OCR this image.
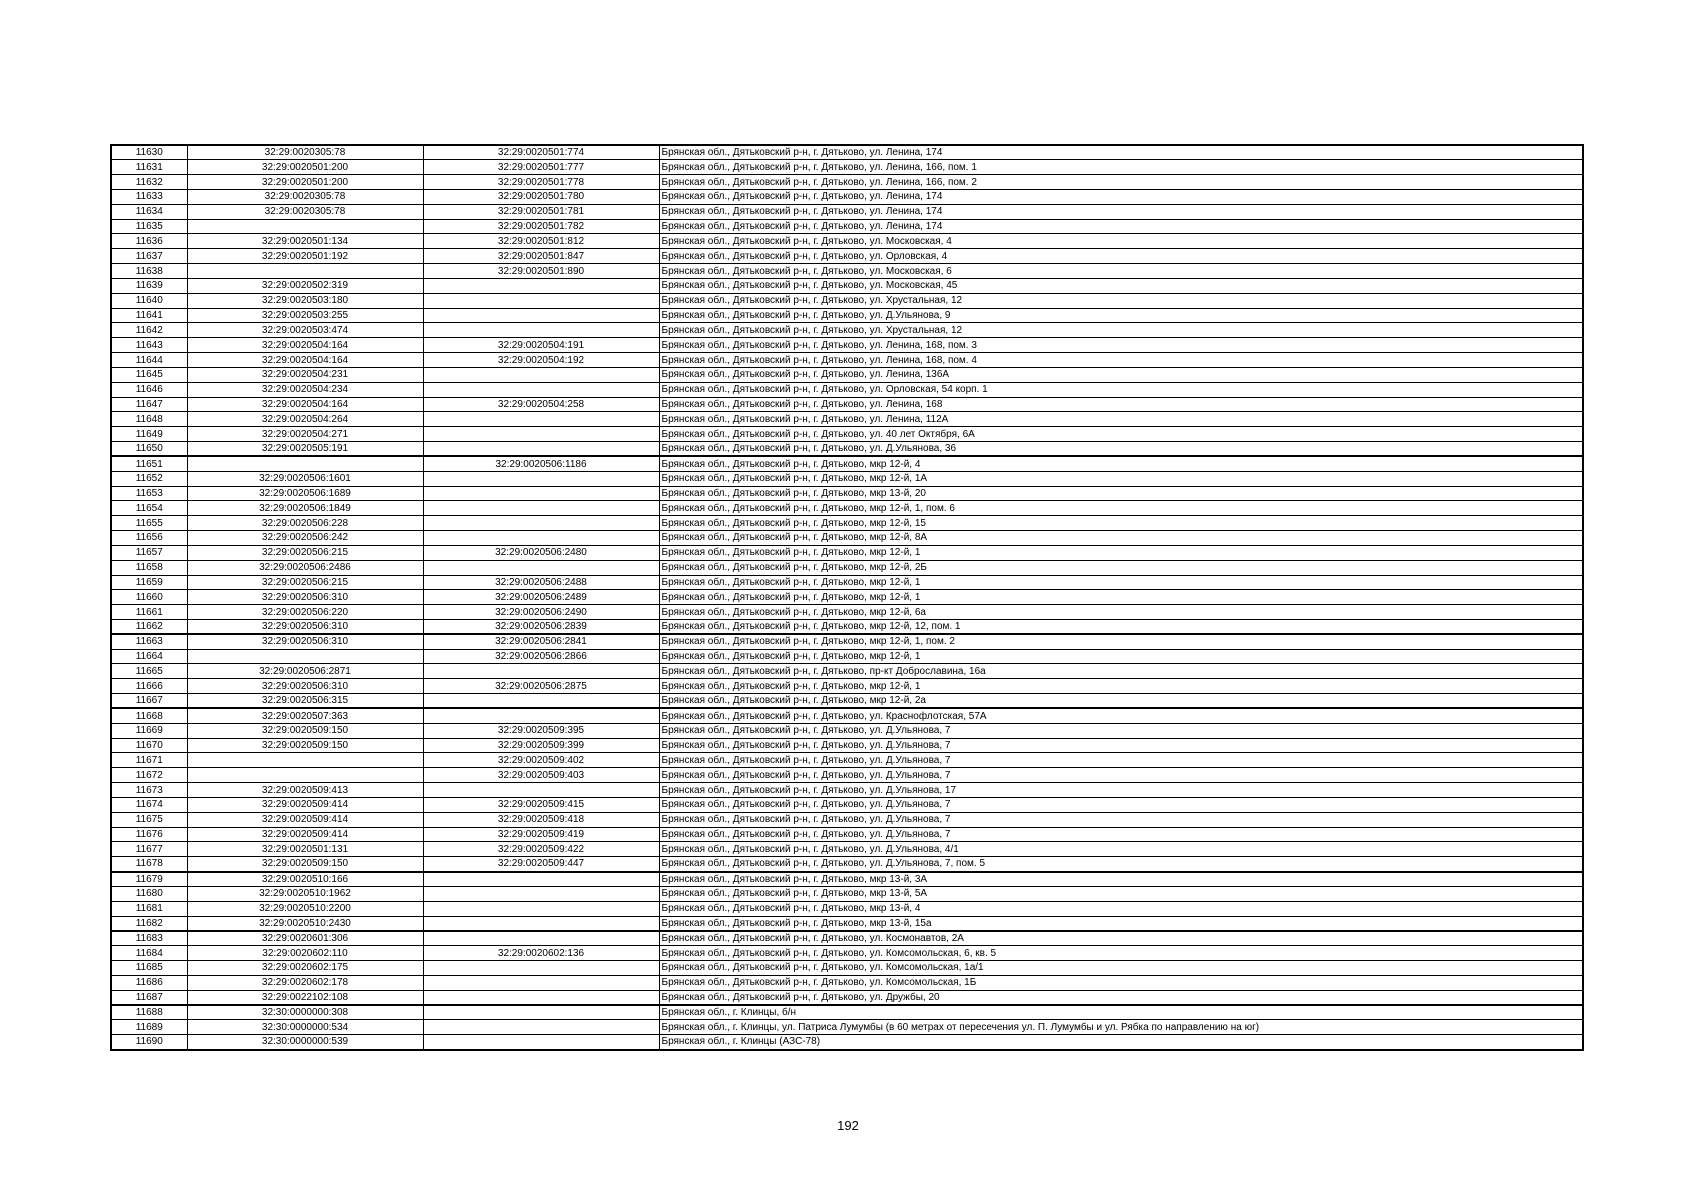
11630	32:29:0020305:78	32:29:0020501:774	Брянская обл., Дятьковский р-н, г. Дятьково, ул. Ленина, 174
11631	32:29:0020501:200	32:29:0020501:777	Брянская обл., Дятьковский р-н, г. Дятьково, ул. Ленина, 166, пом. 1
11632	32:29:0020501:200	32:29:0020501:778	Брянская обл., Дятьковский р-н, г. Дятьково, ул. Ленина, 166, пом. 2
11633	32:29:0020305:78	32:29:0020501:780	Брянская обл., Дятьковский р-н, г. Дятьково, ул. Ленина, 174
11634	32:29:0020305:78	32:29:0020501:781	Брянская обл., Дятьковский р-н, г. Дятьково, ул. Ленина, 174
11635		32:29:0020501:782	Брянская обл., Дятьковский р-н, г. Дятьково, ул. Ленина, 174
11636	32:29:0020501:134	32:29:0020501:812	Брянская обл., Дятьковский р-н, г. Дятьково, ул. Московская, 4
11637	32:29:0020501:192	32:29:0020501:847	Брянская обл., Дятьковский р-н, г. Дятьково, ул. Орловская, 4
11638		32:29:0020501:890	Брянская обл., Дятьковский р-н, г. Дятьково, ул. Московская, 6
11639	32:29:0020502:319		Брянская обл., Дятьковский р-н, г. Дятьково, ул. Московская, 45
11640	32:29:0020503:180		Брянская обл., Дятьковский р-н, г. Дятьково, ул. Хрустальная, 12
11641	32:29:0020503:255		Брянская обл., Дятьковский р-н, г. Дятьково, ул. Д.Ульянова, 9
11642	32:29:0020503:474		Брянская обл., Дятьковский р-н, г. Дятьково, ул. Хрустальная, 12
11643	32:29:0020504:164	32:29:0020504:191	Брянская обл., Дятьковский р-н, г. Дятьково, ул. Ленина, 168, пом. 3
11644	32:29:0020504:164	32:29:0020504:192	Брянская обл., Дятьковский р-н, г. Дятьково, ул. Ленина, 168, пом. 4
11645	32:29:0020504:231		Брянская обл., Дятьковский р-н, г. Дятьково, ул. Ленина, 136А
11646	32:29:0020504:234		Брянская обл., Дятьковский р-н, г. Дятьково, ул. Орловская, 54 корп. 1
11647	32:29:0020504:164	32:29:0020504:258	Брянская обл., Дятьковский р-н, г. Дятьково, ул. Ленина, 168
11648	32:29:0020504:264		Брянская обл., Дятьковский р-н, г. Дятьково, ул. Ленина, 112А
11649	32:29:0020504:271		Брянская обл., Дятьковский р-н, г. Дятьково, ул. 40 лет Октября, 6А
11650	32:29:0020505:191		Брянская обл., Дятьковский р-н, г. Дятьково, ул. Д.Ульянова, 36
11651		32:29:0020506:1186	Брянская обл., Дятьковский р-н, г. Дятьково, мкр 12-й, 4
11652	32:29:0020506:1601		Брянская обл., Дятьковский р-н, г. Дятьково, мкр 12-й, 1А
11653	32:29:0020506:1689		Брянская обл., Дятьковский р-н, г. Дятьково, мкр 13-й, 20
11654	32:29:0020506:1849		Брянская обл., Дятьковский р-н, г. Дятьково, мкр 12-й, 1, пом. 6
11655	32:29:0020506:228		Брянская обл., Дятьковский р-н, г. Дятьково, мкр 12-й, 15
11656	32:29:0020506:242		Брянская обл., Дятьковский р-н, г. Дятьково, мкр 12-й, 8А
11657	32:29:0020506:215	32:29:0020506:2480	Брянская обл., Дятьковский р-н, г. Дятьково, мкр 12-й, 1
11658	32:29:0020506:2486		Брянская обл., Дятьковский р-н, г. Дятьково, мкр 12-й, 2Б
11659	32:29:0020506:215	32:29:0020506:2488	Брянская обл., Дятьковский р-н, г. Дятьково, мкр 12-й, 1
11660	32:29:0020506:310	32:29:0020506:2489	Брянская обл., Дятьковский р-н, г. Дятьково, мкр 12-й, 1
11661	32:29:0020506:220	32:29:0020506:2490	Брянская обл., Дятьковский р-н, г. Дятьково, мкр 12-й, 6а
11662	32:29:0020506:310	32:29:0020506:2839	Брянская обл., Дятьковский р-н, г. Дятьково, мкр 12-й, 12, пом. 1
11663	32:29:0020506:310	32:29:0020506:2841	Брянская обл., Дятьковский р-н, г. Дятьково, мкр 12-й, 1, пом. 2
11664		32:29:0020506:2866	Брянская обл., Дятьковский р-н, г. Дятьково, мкр 12-й, 1
11665	32:29:0020506:2871		Брянская обл., Дятьковский р-н, г. Дятьково, пр-кт Доброславина, 16а
11666	32:29:0020506:310	32:29:0020506:2875	Брянская обл., Дятьковский р-н, г. Дятьково, мкр 12-й, 1
11667	32:29:0020506:315		Брянская обл., Дятьковский р-н, г. Дятьково, мкр 12-й, 2а
11668	32:29:0020507:363		Брянская обл., Дятьковский р-н, г. Дятьково, ул. Краснофлотская, 57А
11669	32:29:0020509:150	32:29:0020509:395	Брянская обл., Дятьковский р-н, г. Дятьково, ул. Д.Ульянова, 7
11670	32:29:0020509:150	32:29:0020509:399	Брянская обл., Дятьковский р-н, г. Дятьково, ул. Д.Ульянова, 7
11671		32:29:0020509:402	Брянская обл., Дятьковский р-н, г. Дятьково, ул. Д.Ульянова, 7
11672		32:29:0020509:403	Брянская обл., Дятьковский р-н, г. Дятьково, ул. Д.Ульянова, 7
11673	32:29:0020509:413		Брянская обл., Дятьковский р-н, г. Дятьково, ул. Д.Ульянова, 17
11674	32:29:0020509:414	32:29:0020509:415	Брянская обл., Дятьковский р-н, г. Дятьково, ул. Д.Ульянова, 7
11675	32:29:0020509:414	32:29:0020509:418	Брянская обл., Дятьковский р-н, г. Дятьково, ул. Д.Ульянова, 7
11676	32:29:0020509:414	32:29:0020509:419	Брянская обл., Дятьковский р-н, г. Дятьково, ул. Д.Ульянова, 7
11677	32:29:0020501:131	32:29:0020509:422	Брянская обл., Дятьковский р-н, г. Дятьково, ул. Д.Ульянова, 4/1
11678	32:29:0020509:150	32:29:0020509:447	Брянская обл., Дятьковский р-н, г. Дятьково, ул. Д.Ульянова, 7, пом. 5
11679	32:29:0020510:166		Брянская обл., Дятьковский р-н, г. Дятьково, мкр 13-й, 3А
11680	32:29:0020510:1962		Брянская обл., Дятьковский р-н, г. Дятьково, мкр 13-й, 5А
11681	32:29:0020510:2200		Брянская обл., Дятьковский р-н, г. Дятьково, мкр 13-й, 4
11682	32:29:0020510:2430		Брянская обл., Дятьковский р-н, г. Дятьково, мкр 13-й, 15а
11683	32:29:0020601:306		Брянская обл., Дятьковский р-н, г. Дятьково, ул. Космонавтов, 2А
11684	32:29:0020602:110	32:29:0020602:136	Брянская обл., Дятьковский р-н, г. Дятьково, ул. Комсомольская, 6, кв. 5
11685	32:29:0020602:175		Брянская обл., Дятьковский р-н, г. Дятьково, ул. Комсомольская, 1а/1
11686	32:29:0020602:178		Брянская обл., Дятьковский р-н, г. Дятьково, ул. Комсомольская, 1Б
11687	32:29:0022102:108		Брянская обл., Дятьковский р-н, г. Дятьково, ул. Дружбы, 20
11688	32:30:0000000:308		Брянская обл., г. Клинцы, б/н
11689	32:30:0000000:534		Брянская обл., г. Клинцы, ул. Патриса Лумумбы (в 60 метрах от пересечения ул. П. Лумумбы и ул. Рябка по направлению на юг)
11690	32:30:0000000:539		Брянская обл., г. Клинцы (АЗС-78)
192
